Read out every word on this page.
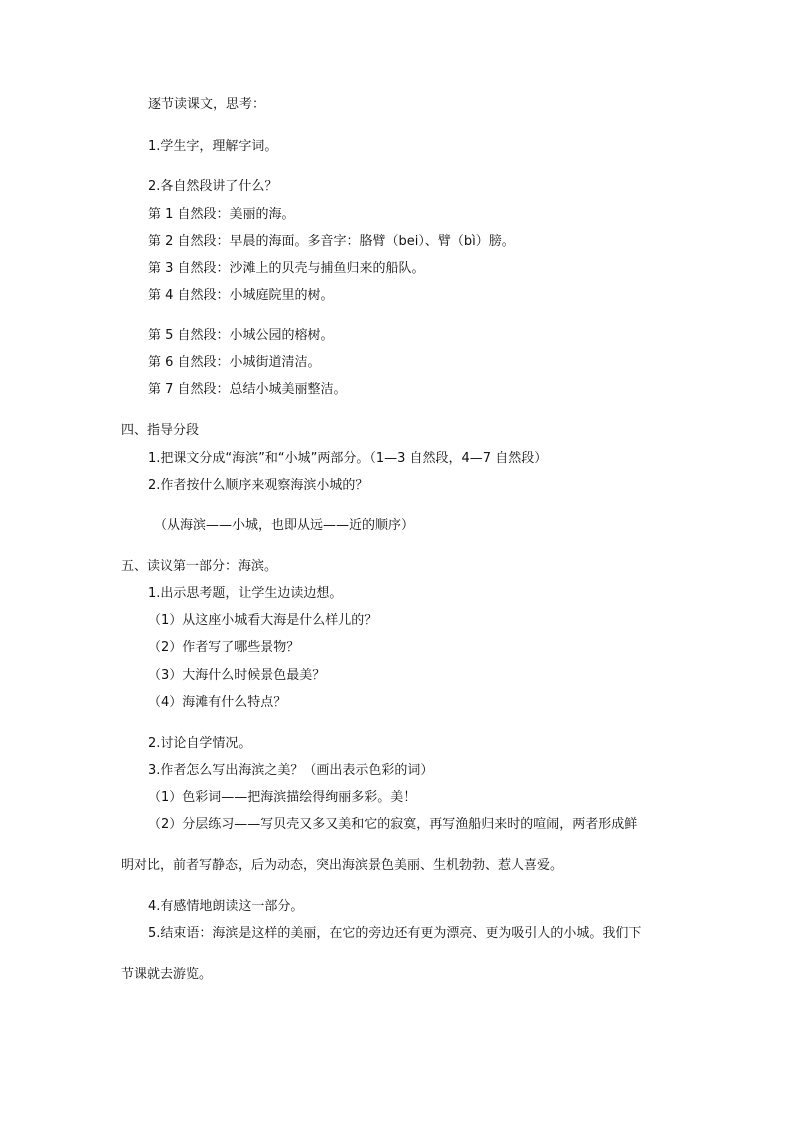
逐节读课文，思考：
1.学生字，理解字词。
2.各自然段讲了什么？
第 1 自然段：美丽的海。
第 2 自然段：早晨的海面。多音字：胳臂（bei）、臂（bì）膀。
第 3 自然段：沙滩上的贝壳与捕鱼归来的船队。
第 4 自然段：小城庭院里的树。
第 5 自然段：小城公园的榕树。
第 6 自然段：小城街道清洁。
第 7 自然段：总结小城美丽整洁。
四、指导分段
1.把课文分成“海滨”和“小城”两部分。（1—3 自然段，4—7 自然段）
2.作者按什么顺序来观察海滨小城的？
（从海滨——小城，也即从远——近的顺序）
五、读议第一部分：海滨。
1.出示思考题，让学生边读边想。
（1）从这座小城看大海是什么样儿的？
（2）作者写了哪些景物？
（3）大海什么时候景色最美？
（4）海滩有什么特点？
2.讨论自学情况。
3.作者怎么写出海滨之美？（画出表示色彩的词）
（1）色彩词——把海滨描绘得绚丽多彩。美！
（2）分层练习——写贝壳又多又美和它的寂寞，再写渔船归来时的喧闹，两者形成鲜
明对比，前者写静态，后为动态，突出海滨景色美丽、生机勃勃、惹人喜爱。
4.有感情地朗读这一部分。
5.结束语：海滨是这样的美丽，在它的旁边还有更为漂亮、更为吸引人的小城。我们下
节课就去游览。
